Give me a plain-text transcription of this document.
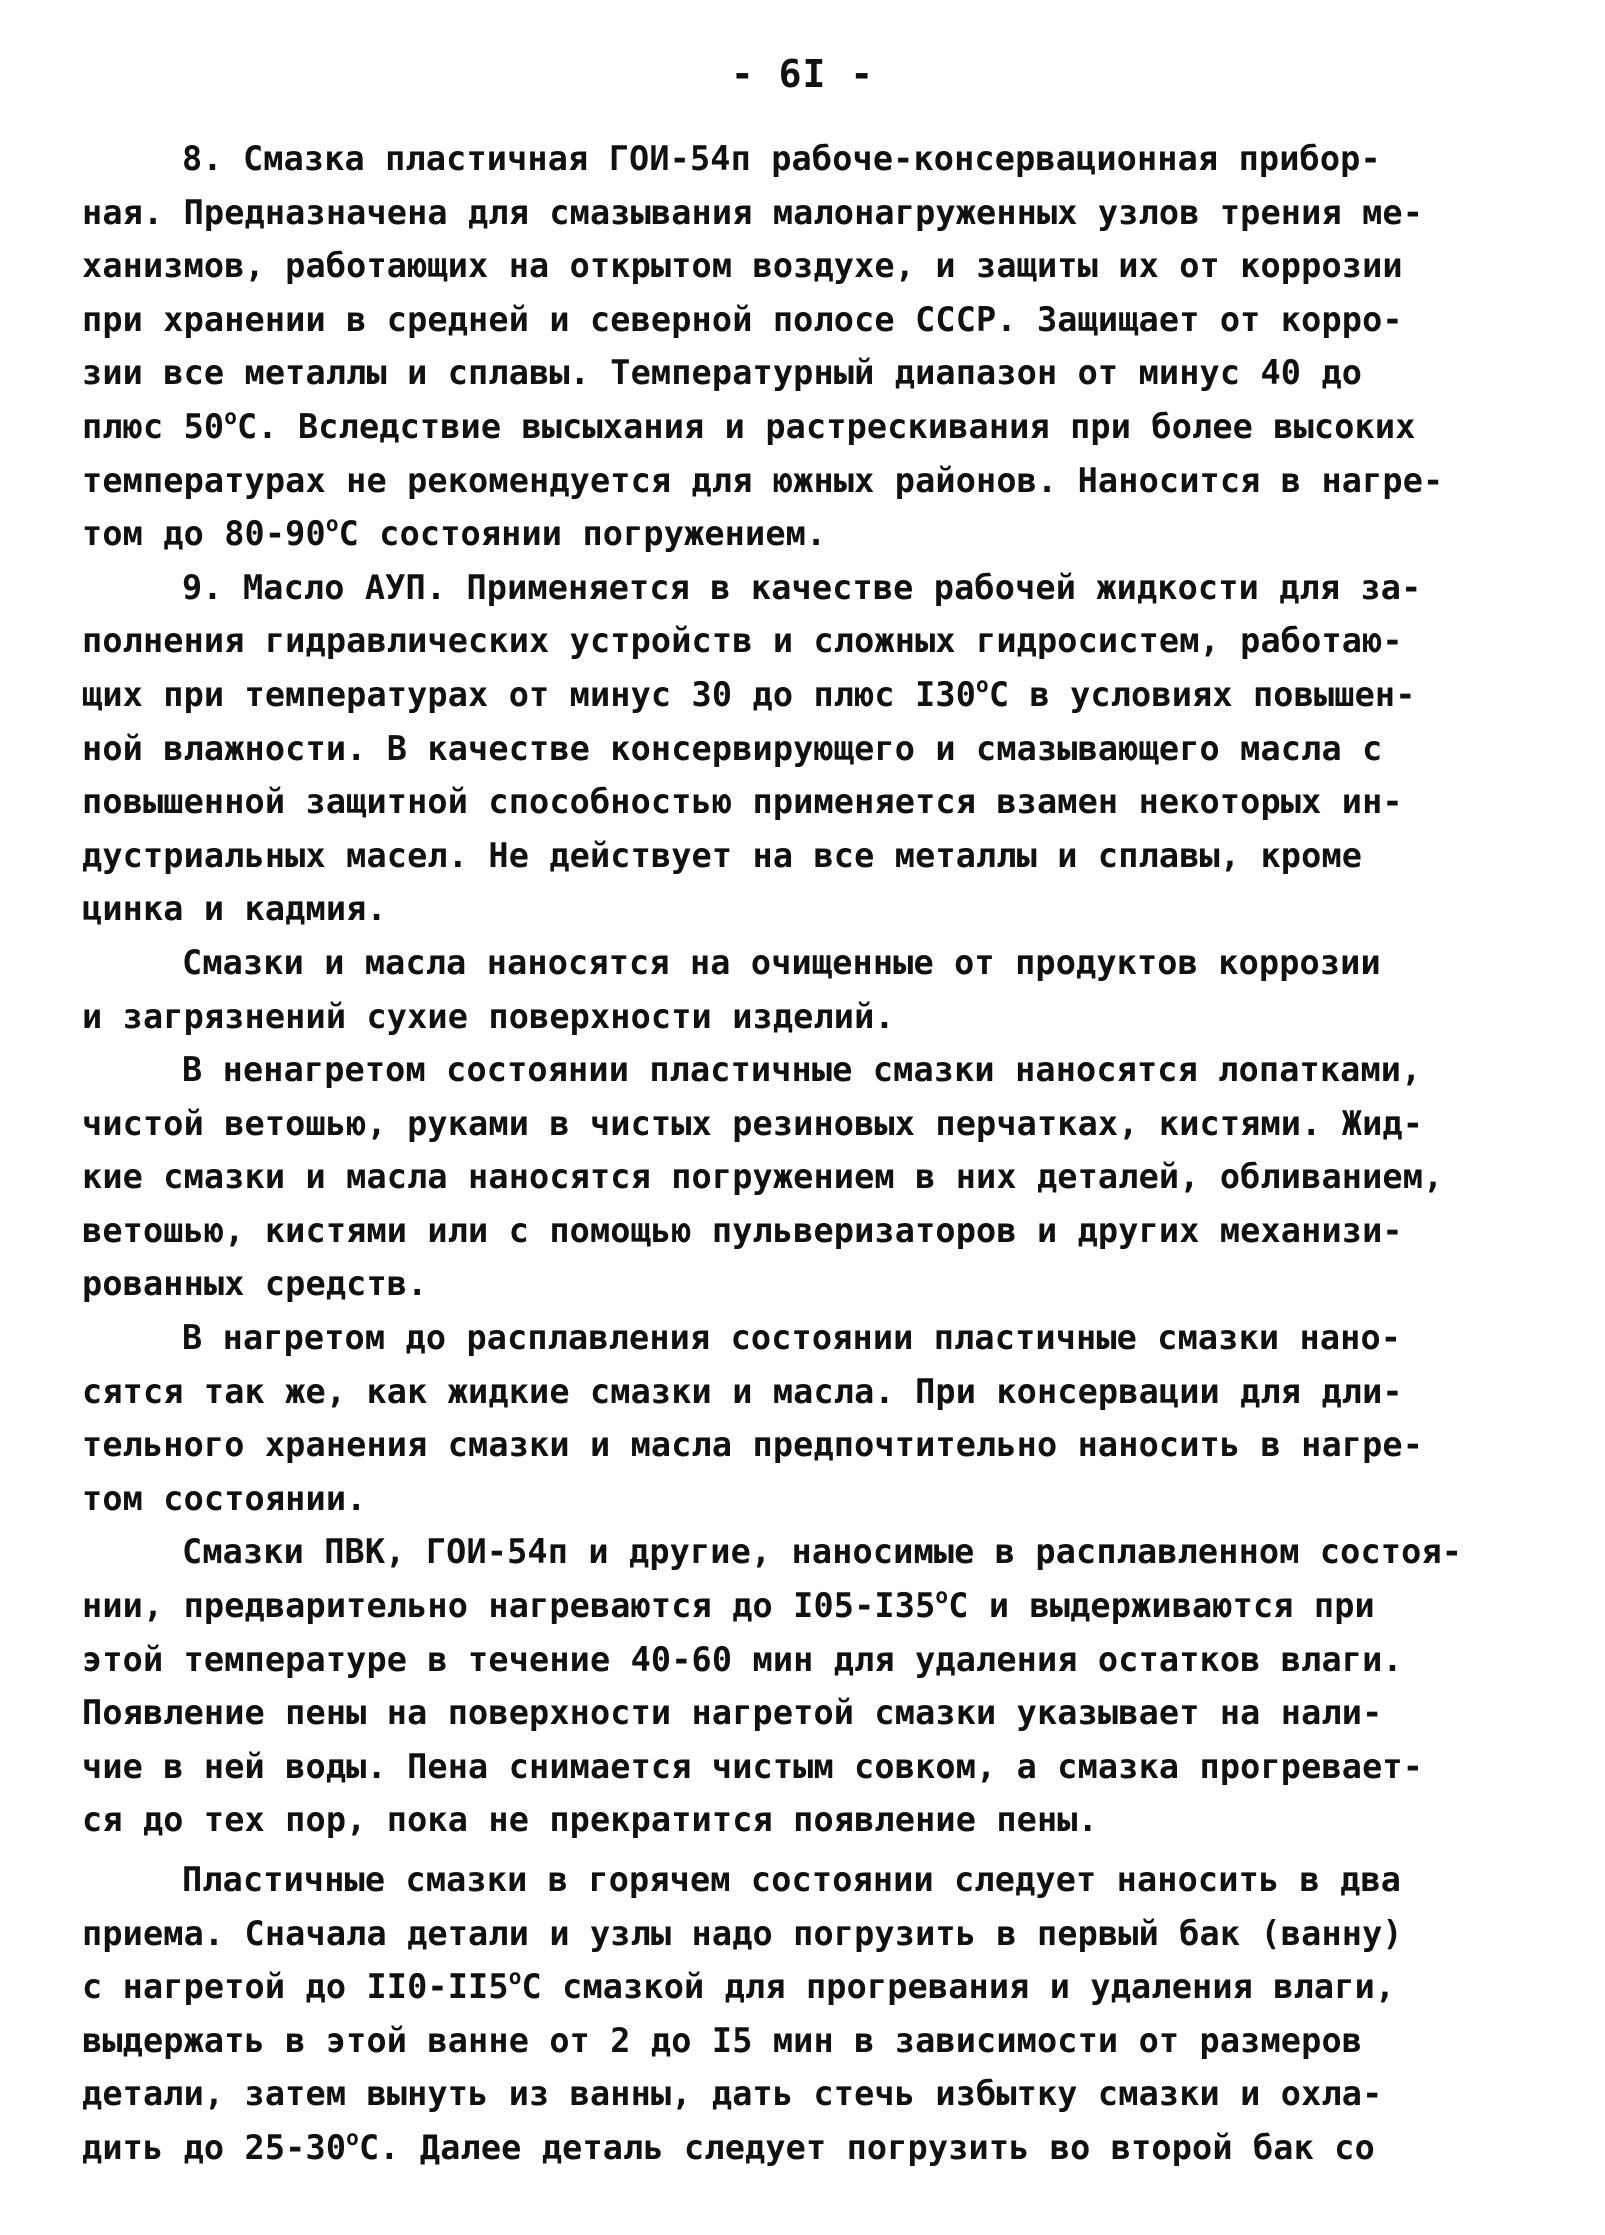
- 6I -
8. Смазка пластичная ГОИ-54п рабоче-консервационная прибор-
ная. Предназначена для смазывания малонагруженных узлов трения ме-
ханизмов, работающих на открытом воздухе, и защиты их от коррозии
при хранении в средней и северной полосе СССР. Защищает от корро-
зии все металлы и сплавы. Температурный диапазон от минус 40 до
плюс $50^оС$. Вследствие высыхания и растрескивания при более высоких
температурах не рекомендуется для южных районов. Наносится в нагре-
том до $80-90^оС$ состоянии погружением.
9. Масло АУП. Применяется в качестве рабочей жидкости для за-
полнения гидравлических устройств и сложных гидросистем, работаю-
щих при температурах от минус 30 до плюс $I30^оС$ в условиях повышен-
ной влажности. В качестве консервирующего и смазывающего масла с
повышенной защитной способностью применяется взамен некоторых ин-
дустриальных масел. Не действует на все металлы и сплавы, кроме
цинка и кадмия.
Смазки и масла наносятся на очищенные от продуктов коррозии
и загрязнений сухие поверхности изделий.
В ненагретом состоянии пластичные смазки наносятся лопатками,
чистой ветошью, руками в чистых резиновых перчатках, кистями. Жид-
кие смазки и масла наносятся погружением в них деталей, обливанием,
ветошью, кистями или с помощью пульверизаторов и других механизи-
рованных средств.
В нагретом до расплавления состоянии пластичные смазки нано-
сятся так же, как жидкие смазки и масла. При консервации для дли-
тельного хранения смазки и масла предпочтительно наносить в нагре-
том состоянии.
Смазки ПВК, ГОИ-54п и другие, наносимые в расплавленном состоя-
нии, предварительно нагреваются до $I05-I35^оС$ и выдерживаются при
этой температуре в течение 40-60 мин для удаления остатков влаги.
Появление пены на поверхности нагретой смазки указывает на нали-
чие в ней воды. Пена снимается чистым совком, а смазка прогревает-
ся до тех пор, пока не прекратится появление пены.
Пластичные смазки в горячем состоянии следует наносить в два
приема. Сначала детали и узлы надо погрузить в первый бак (ванну)
с нагретой до $II0-II5^оС$ смазкой для прогревания и удаления влаги,
выдержать в этой ванне от 2 до I5 мин в зависимости от размеров
детали, затем вынуть из ванны, дать стечь избытку смазки и охла-
дить до $25-30^оС$. Далее деталь следует погрузить во второй бак со
